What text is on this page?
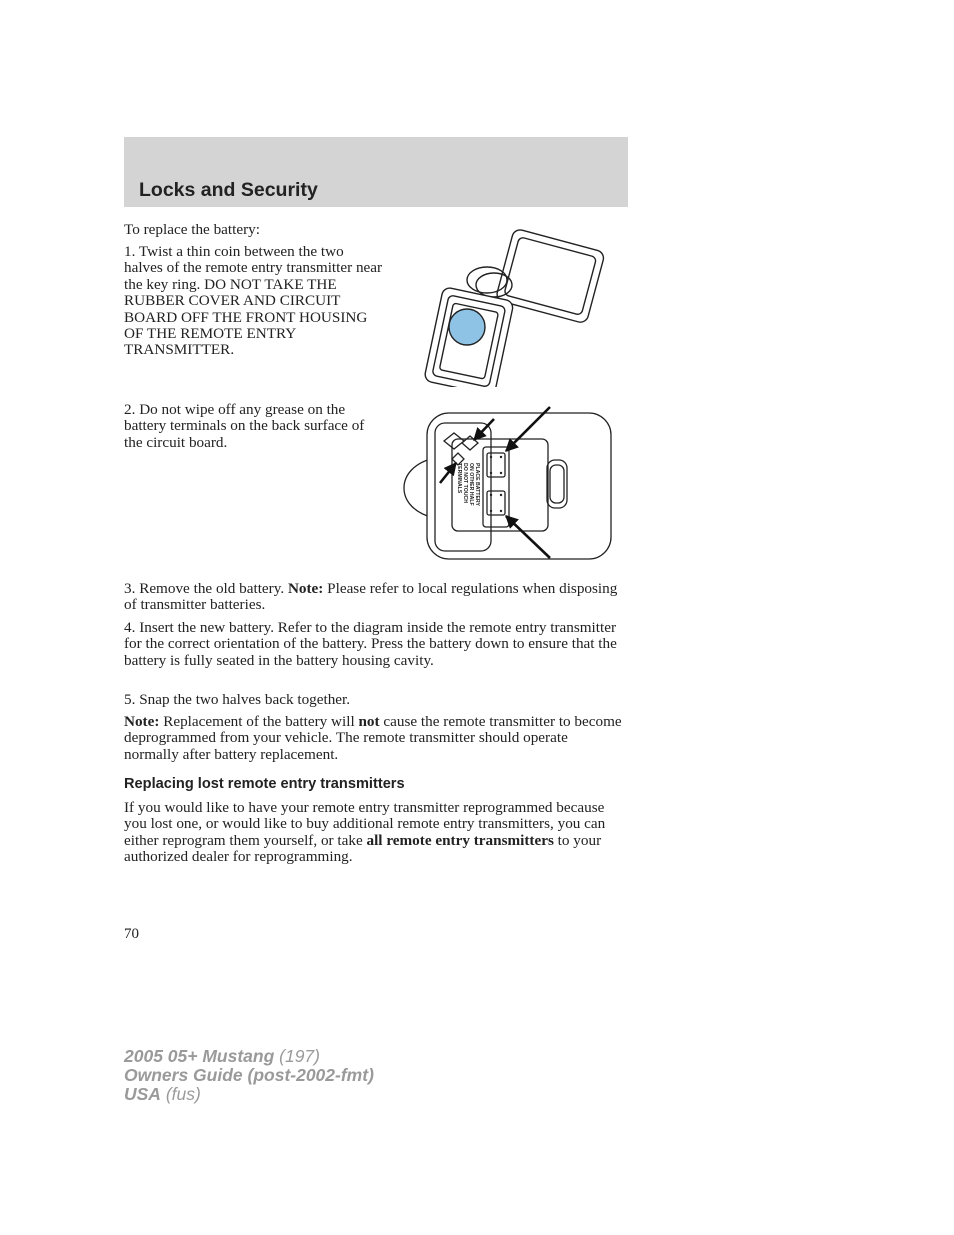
Locks and Security

To replace the battery:

1. Twist a thin coin between the two halves of the remote entry transmitter near the key ring. DO NOT TAKE THE RUBBER COVER AND CIRCUIT BOARD OFF THE FRONT HOUSING OF THE REMOTE ENTRY TRANSMITTER.

2. Do not wipe off any grease on the battery terminals on the back surface of the circuit board.

PLACE BATTERY
ON OTHER HALF
DO NOT TOUCH
TERMINALS

3. Remove the old battery. Note: Please refer to local regulations when disposing of transmitter batteries.

4. Insert the new battery. Refer to the diagram inside the remote entry transmitter for the correct orientation of the battery. Press the battery down to ensure that the battery is fully seated in the battery housing cavity.

5. Snap the two halves back together.

Note: Replacement of the battery will not cause the remote transmitter to become deprogrammed from your vehicle. The remote transmitter should operate normally after battery replacement.

Replacing lost remote entry transmitters

If you would like to have your remote entry transmitter reprogrammed because you lost one, or would like to buy additional remote entry transmitters, you can either reprogram them yourself, or take all remote entry transmitters to your authorized dealer for reprogramming.

70

2005 05+ Mustang (197)
Owners Guide (post-2002-fmt)
USA (fus)
